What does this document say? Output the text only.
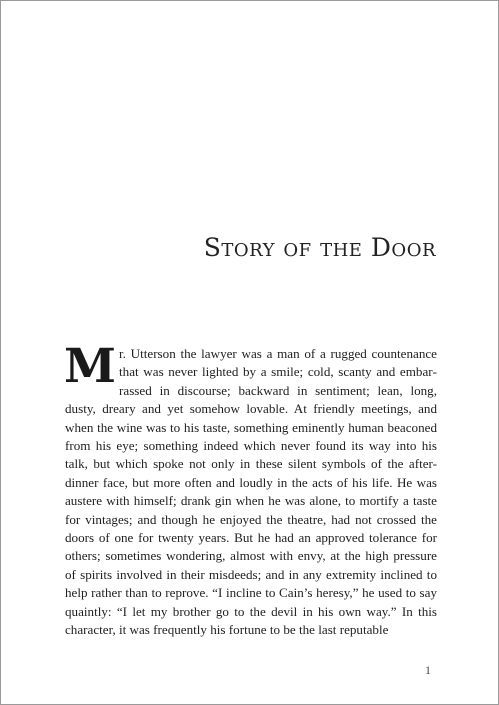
Story of the Door
M r. Utterson the lawyer was a man of a rugged countenance that was never lighted by a smile; cold, scanty and embarrassed in discourse; backward in sentiment; lean, long, dusty, dreary and yet somehow lovable. At friendly meetings, and when the wine was to his taste, something eminently human beaconed from his eye; something indeed which never found its way into his talk, but which spoke not only in these silent symbols of the after-dinner face, but more often and loudly in the acts of his life. He was austere with himself; drank gin when he was alone, to mortify a taste for vintages; and though he enjoyed the theatre, had not crossed the doors of one for twenty years. But he had an approved tolerance for others; sometimes wondering, almost with envy, at the high pressure of spirits involved in their misdeeds; and in any extremity inclined to help rather than to reprove. “I incline to Cain’s heresy,” he used to say quaintly: “I let my brother go to the devil in his own way.” In this character, it was frequently his fortune to be the last reputable
1
